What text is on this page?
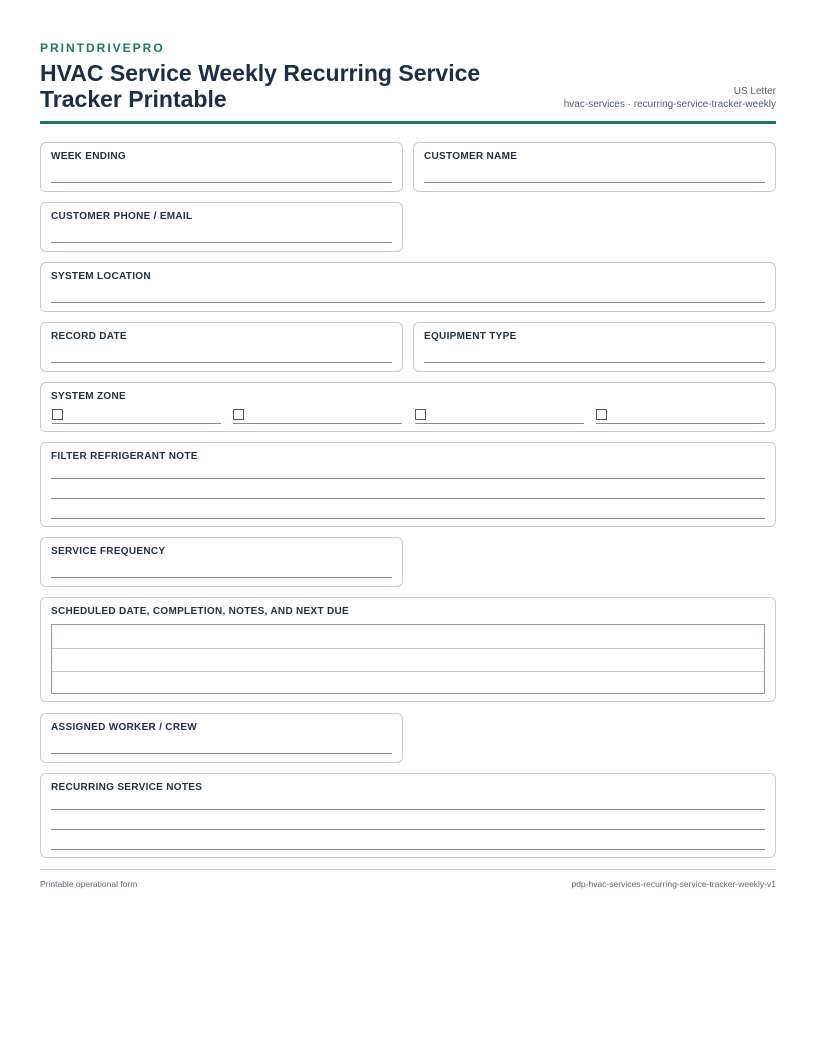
PRINTDRIVEPRO
HVAC Service Weekly Recurring Service Tracker Printable	US Letter
hvac-services · recurring-service-tracker-weekly
WEEK ENDING	CUSTOMER NAME
CUSTOMER PHONE / EMAIL
SYSTEM LOCATION
RECORD DATE	EQUIPMENT TYPE
SYSTEM ZONE
FILTER REFRIGERANT NOTE
SERVICE FREQUENCY
SCHEDULED DATE, COMPLETION, NOTES, AND NEXT DUE
ASSIGNED WORKER / CREW
RECURRING SERVICE NOTES
Printable operational form	pdp-hvac-services-recurring-service-tracker-weekly-v1
